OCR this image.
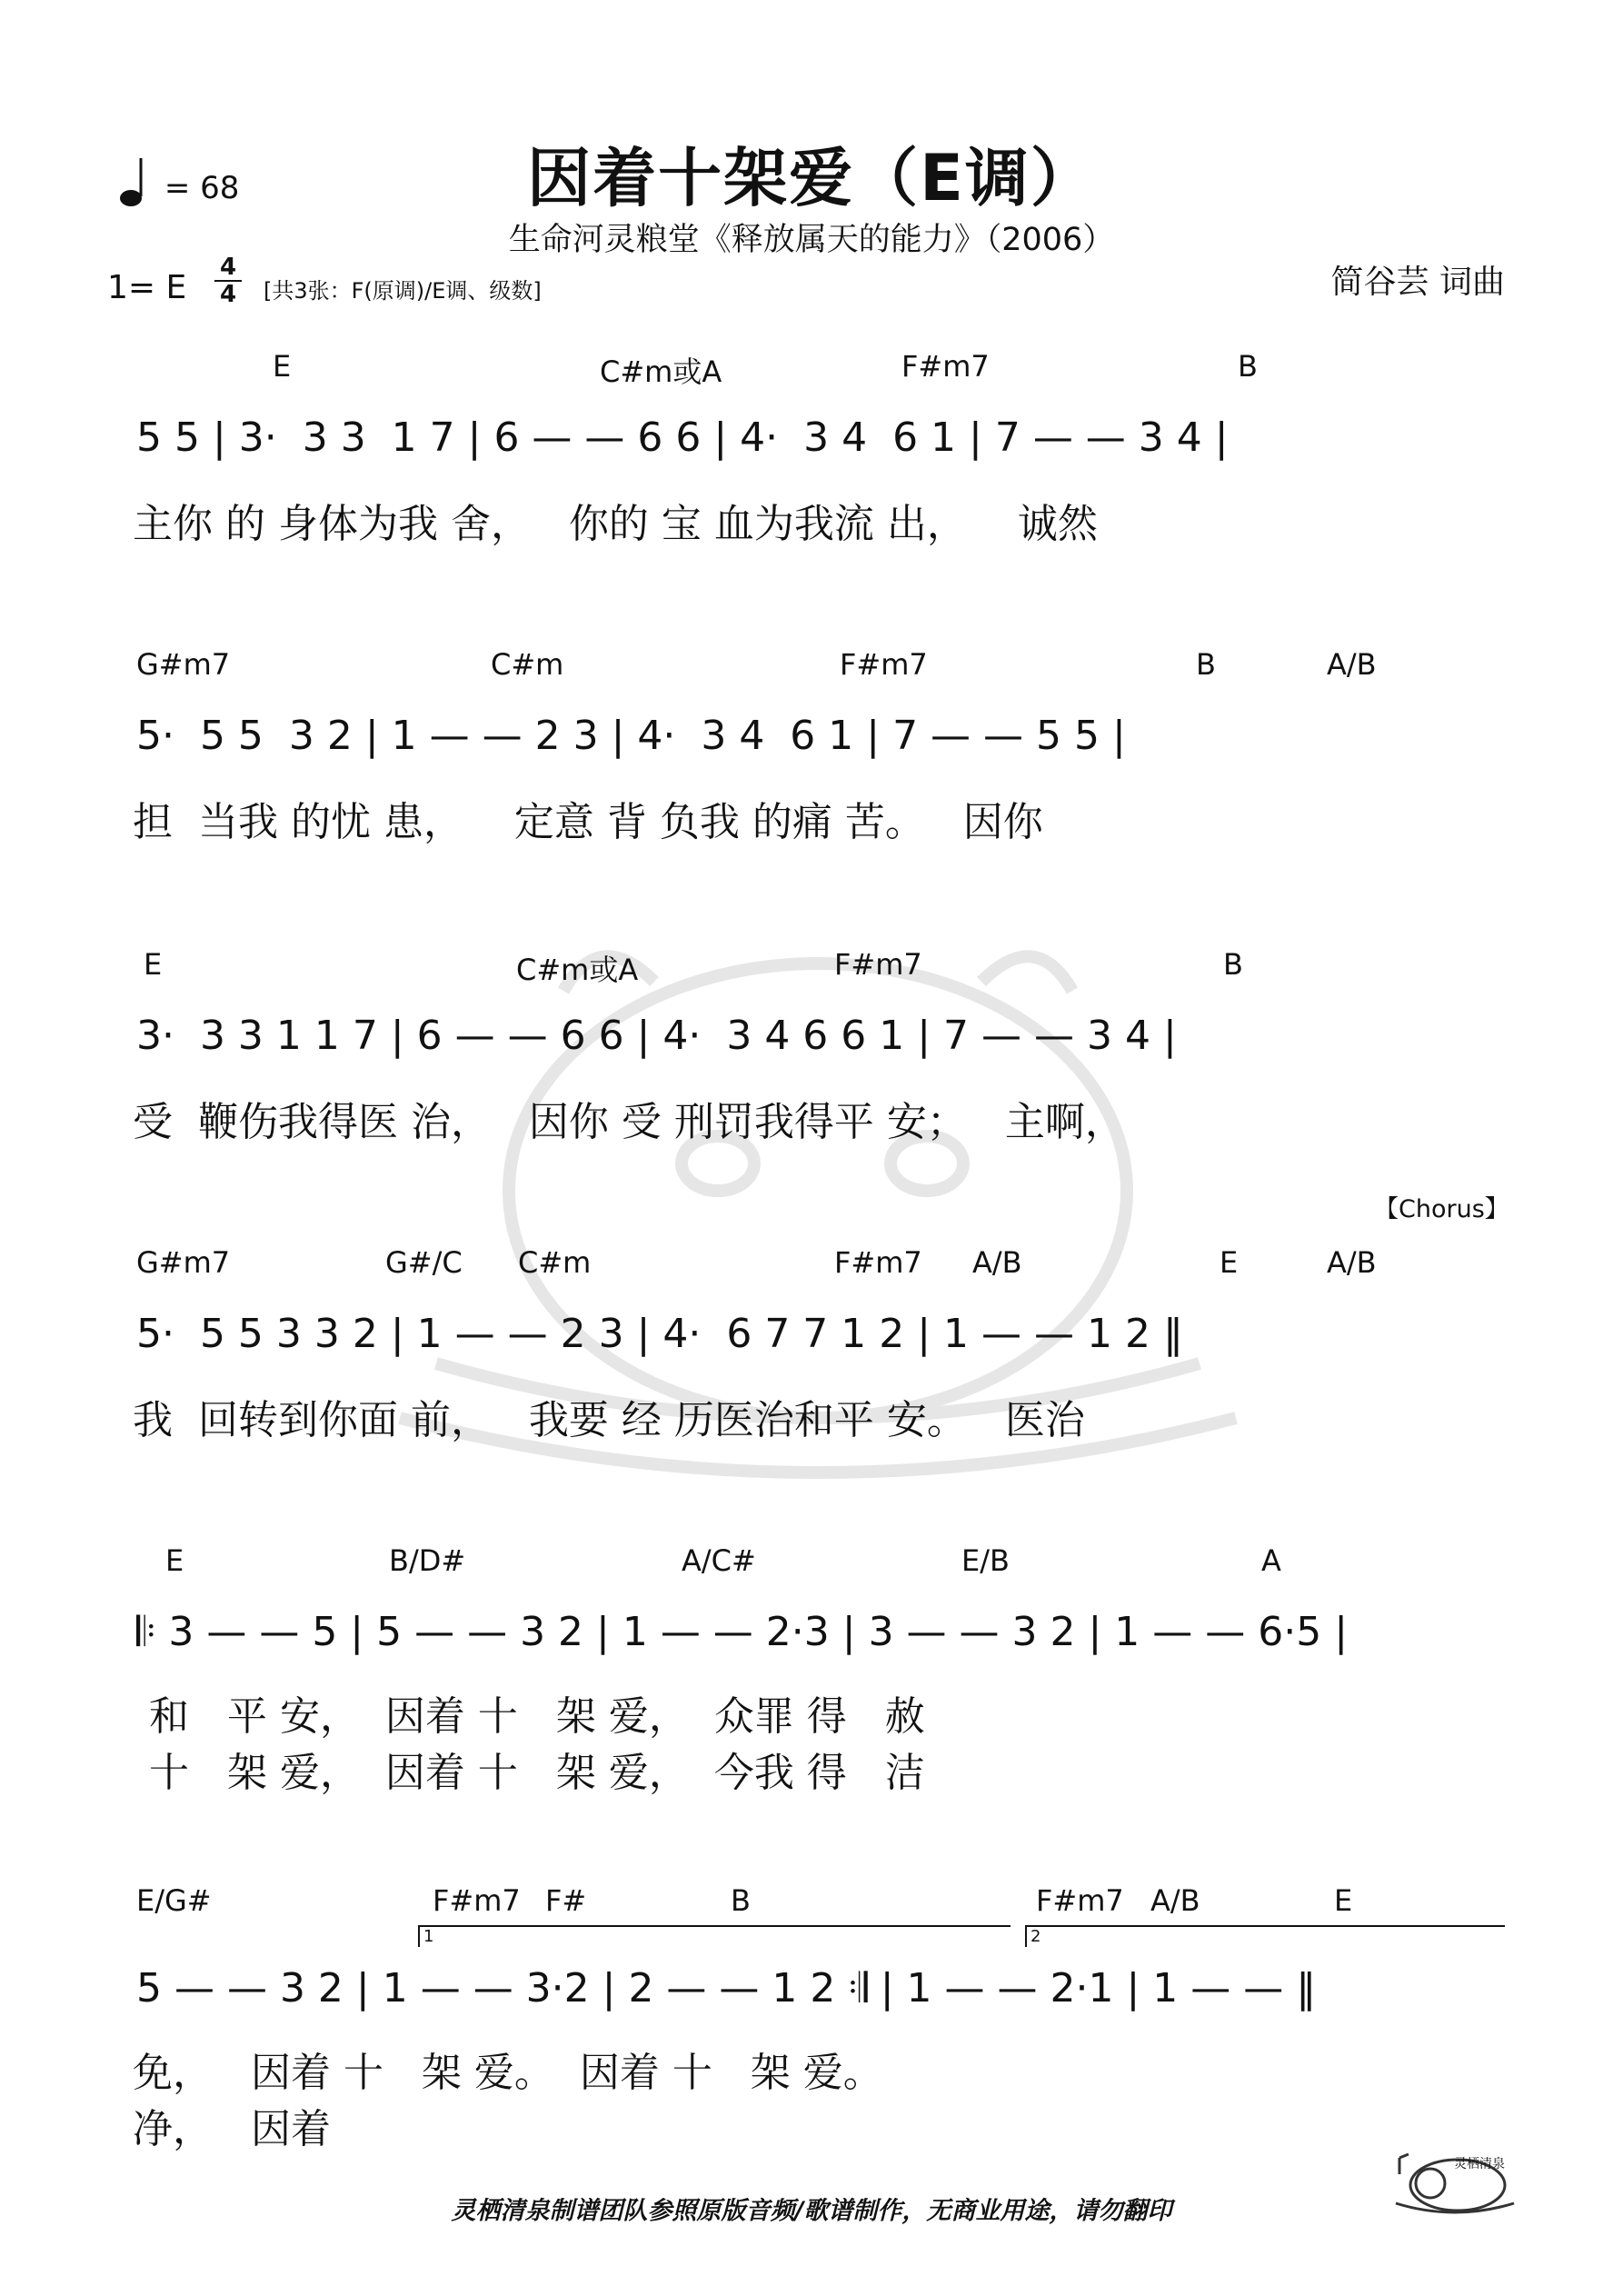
= 68	因着十架爱（E调）
生命河灵粮堂《释放属天的能力》（2006）
简谷芸 词曲
1= E
4
4 [共3张：F(原调)/E调、级数]
E	C#m或A	F#m7	B
5 5 | 3·  3 3  1 7 | 6 — — 6 6 | 4·  3 4  6 1 | 7 — — 3 4 |
主你 的 身体为我 舍，   你的 宝 血为我流 出，    诚然
G#m7	C#m	F#m7	B	A/B
5·  5 5  3 2 | 1 — — 2 3 | 4·  3 4  6 1 | 7 — — 5 5 |
担  当我 的忧 患，    定意 背 负我 的痛 苦。   因你
E	C#m或A	F#m7	B
3·  3 3 1 1 7 | 6 — — 6 6 | 4·  3 4 6 6 1 | 7 — — 3 4 |
受  鞭伤我得医 治，   因你 受 刑罚我得平 安；   主啊，
【Chorus】
G#m7	G#/C C#m	F#m7 A/B	E	A/B
5·  5 5 3 3 2 | 1 — — 2 3 | 4·  6 7 7 1 2 | 1 — — 1 2 ‖
我  回转到你面 前，   我要 经 历医治和平 安。   医治
E	B/D#	A/C#	E/B	A
𝄆 3 — — 5 | 5 — — 3 2 | 1 — — 2·3 | 3 — — 3 2 | 1 — — 6·5 |
和   平 安，  因着 十   架 爱，  众罪 得   赦
十   架 爱，  因着 十   架 爱，  今我 得   洁
E/G#	F#m7 F#	B	F#m7 A/B	E
1	2
5 — — 3 2 | 1 — — 3·2 | 2 — — 1 2 𝄇 | 1 — — 2·1 | 1 — — ‖
免，   因着 十   架 爱。  因着 十   架 爱。
净，   因着
灵栖清泉
灵栖清泉制谱团队参照原版音频/歌谱制作，无商业用途，请勿翻印
